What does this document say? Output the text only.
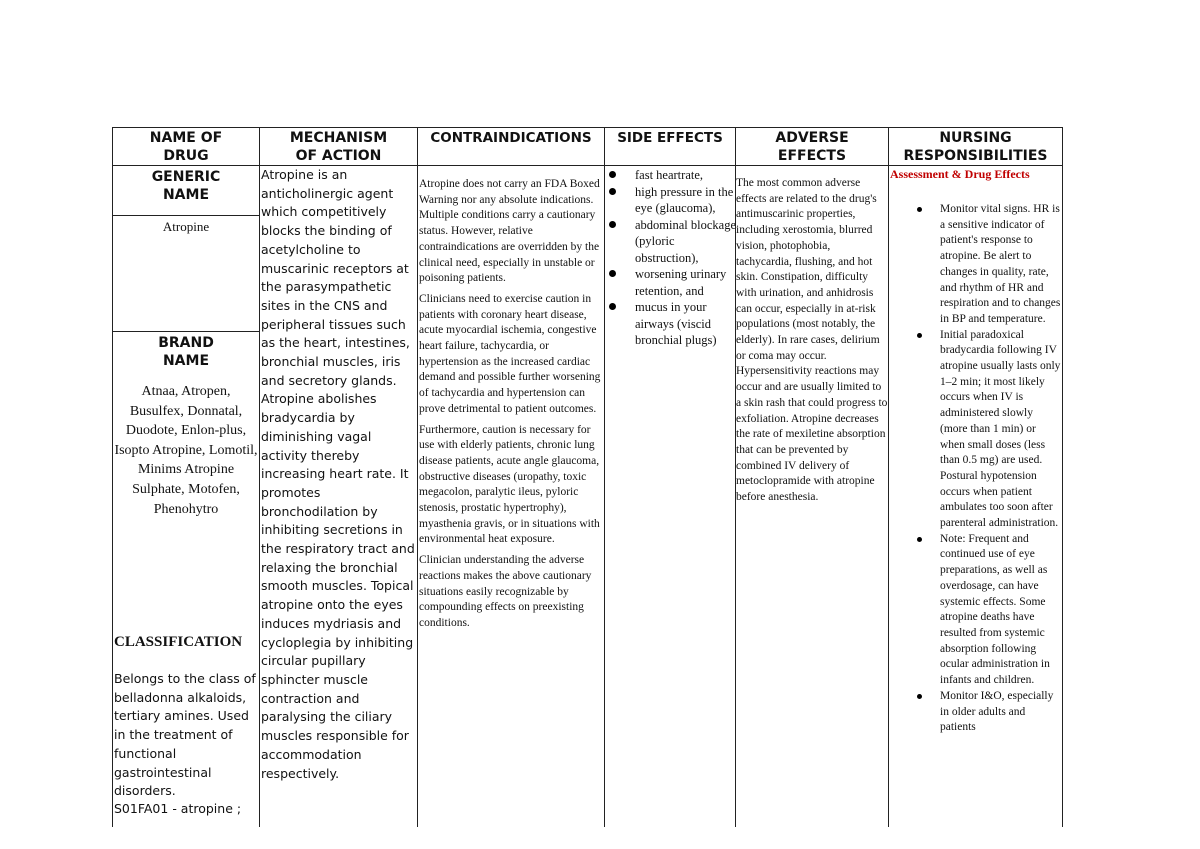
NAME OF
DRUG
MECHANISM
OF ACTION
CONTRAINDICATIONS	SIDE EFFECTS	ADVERSE
EFFECTS
NURSING
RESPONSIBILITIES
GENERIC
NAME
Atropine
BRAND
NAME
Atnaa, Atropen, Busulfex, Donnatal, Duodote, Enlon-plus, Isopto Atropine, Lomotil, Minims Atropine Sulphate, Motofen, Phenohytro
CLASSIFICATION
Belongs to the class of belladonna alkaloids, tertiary amines. Used in the treatment of functional gastrointestinal disorders.
S01FA01 - atropine ;
Atropine is an anticholinergic agent which competitively blocks the binding of acetylcholine to muscarinic receptors at the parasympathetic sites in the CNS and peripheral tissues such as the heart, intestines, bronchial muscles, iris and secretory glands. Atropine abolishes bradycardia by diminishing vagal activity thereby increasing heart rate. It promotes bronchodilation by inhibiting secretions in the respiratory tract and relaxing the bronchial smooth muscles. Topical atropine onto the eyes induces mydriasis and cycloplegia by inhibiting circular pupillary sphincter muscle contraction and paralysing the ciliary muscles responsible for accommodation respectively.

Atropine does not carry an FDA Boxed Warning nor any absolute indications. Multiple conditions carry a cautionary status. However, relative contraindications are overridden by the clinical need, especially in unstable or poisoning patients.

Clinicians need to exercise caution in patients with coronary heart disease, acute myocardial ischemia, congestive heart failure, tachycardia, or hypertension as the increased cardiac demand and possible further worsening of tachycardia and hypertension can prove detrimental to patient outcomes.

Furthermore, caution is necessary for use with elderly patients, chronic lung disease patients, acute angle glaucoma, obstructive diseases (uropathy, toxic megacolon, paralytic ileus, pyloric stenosis, prostatic hypertrophy), myasthenia gravis, or in situations with environmental heat exposure.

Clinician understanding the adverse reactions makes the above cautionary situations easily recognizable by compounding effects on preexisting conditions.

fast heartrate,
high pressure in the eye (glaucoma),
abdominal blockage (pyloric obstruction),
worsening urinary retention, and
mucus in your airways (viscid bronchial plugs)
The most common adverse effects are related to the drug's antimuscarinic properties, including xerostomia, blurred vision, photophobia, tachycardia, flushing, and hot skin. Constipation, difficulty with urination, and anhidrosis can occur, especially in at-risk populations (most notably, the elderly). In rare cases, delirium or coma may occur. Hypersensitivity reactions may occur and are usually limited to a skin rash that could progress to exfoliation. Atropine decreases the rate of mexiletine absorption that can be prevented by combined IV delivery of metoclopramide with atropine before anesthesia.
Assessment & Drug Effects
Monitor vital signs. HR is a sensitive indicator of patient's response to atropine. Be alert to changes in quality, rate, and rhythm of HR and respiration and to changes in BP and temperature.
Initial paradoxical bradycardia following IV atropine usually lasts only 1–2 min; it most likely occurs when IV is administered slowly (more than 1 min) or when small doses (less than 0.5 mg) are used. Postural hypotension occurs when patient ambulates too soon after parenteral administration.
Note: Frequent and continued use of eye preparations, as well as overdosage, can have systemic effects. Some atropine deaths have resulted from systemic absorption following ocular administration in infants and children.
Monitor I&O, especially in older adults and patients
